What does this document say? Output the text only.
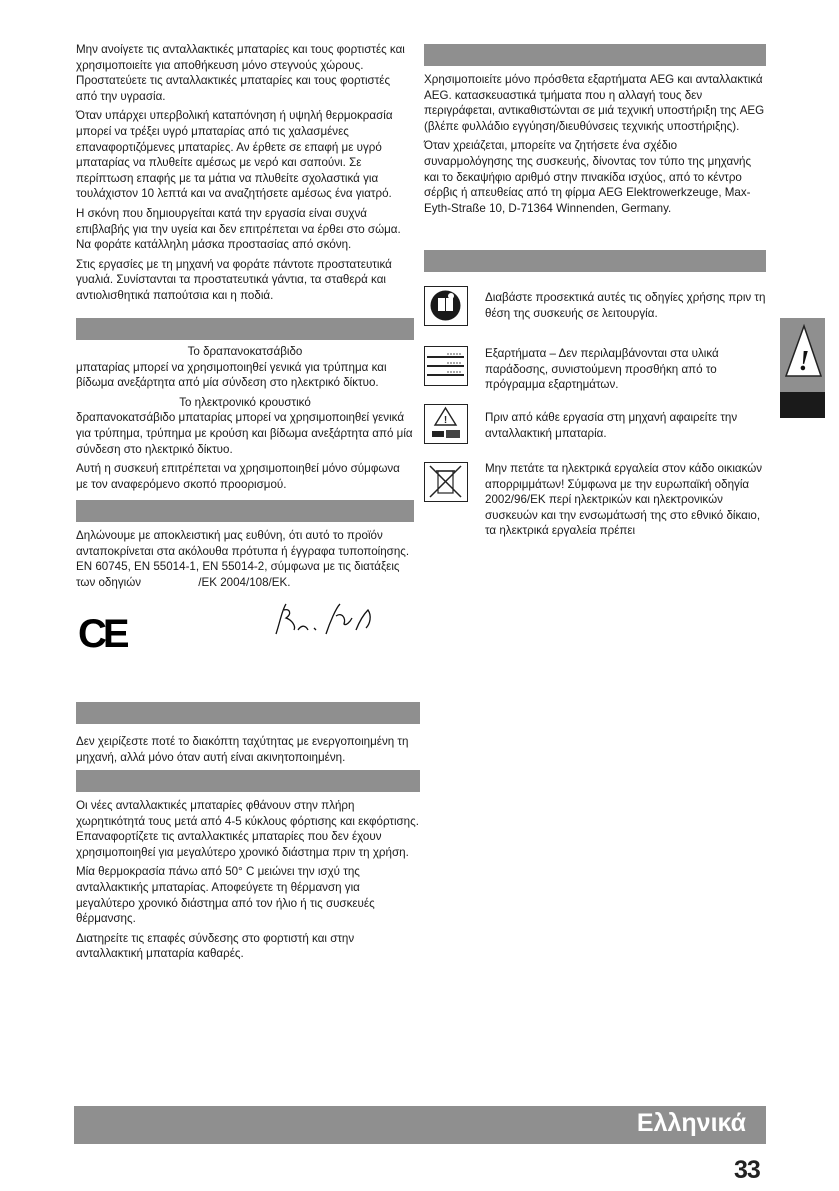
Μην ανοίγετε τις ανταλλακτικές μπαταρίες και τους φορτιστές και χρησιμοποιείτε για αποθήκευση μόνο στεγνούς χώρους. Προστατεύετε τις ανταλλακτικές μπαταρίες και τους φορτιστές από την υγρασία.

Όταν υπάρχει υπερβολική καταπόνηση ή υψηλή θερμοκρασία μπορεί να τρέξει υγρό μπαταρίας από τις χαλασμένες επαναφορτιζόμενες μπαταρίες. Αν έρθετε σε επαφή με υγρό μπαταρίας να πλυθείτε αμέσως με νερό και σαπούνι. Σε περίπτωση επαφής με τα μάτια να πλυθείτε σχολαστικά για τουλάχιστον 10 λεπτά και να αναζητήσετε αμέσως ένα γιατρό.

Η σκόνη που δημιουργείται κατά την εργασία είναι συχνά επιβλαβής για την υγεία και δεν επιτρέπεται να έρθει στο σώμα. Να φοράτε κατάλληλη μάσκα προστασίας από σκόνη.

Στις εργασίες με τη μηχανή να φοράτε πάντοτε προστατευτικά γυαλιά. Συνίστανται τα προστατευτικά γάντια, τα σταθερά και αντιολισθητικά παπούτσια και η ποδιά.

Το δραπανοκατσάβιδο

μπαταρίας μπορεί να χρησιμοποιηθεί γενικά για τρύπημα και βίδωμα ανεξάρτητα από μία σύνδεση στο ηλεκτρικό δίκτυο.

Το ηλεκτρονικό κρουστικό

δραπανοκατσάβιδο μπαταρίας μπορεί να χρησιμοποιηθεί γενικά για τρύπημα, τρύπημα με κρούση και βίδωμα ανεξάρτητα από μία σύνδεση στο ηλεκτρικό δίκτυο.

Αυτή η συσκευή επιτρέπεται να χρησιμοποιηθεί μόνο σύμφωνα με τον αναφερόμενο σκοπό προορισμού.

Δηλώνουμε με αποκλειστική μας ευθύνη, ότι αυτό το προϊόν ανταποκρίνεται στα ακόλουθα πρότυπα ή έγγραφα τυποποίησης. EN 60745, EN 55014-1, EN 55014-2, σύμφωνα με τις διατάξεις των οδηγιών	/EK 2004/108/EK.
CE

Δεν χειρίζεστε ποτέ το διακόπτη ταχύτητας με ενεργοποιημένη τη μηχανή, αλλά μόνο όταν αυτή είναι ακινητοποιημένη.

Οι νέες ανταλλακτικές μπαταρίες φθάνουν στην πλήρη χωρητικότητά τους μετά από 4-5 κύκλους φόρτισης και εκφόρτισης. Επαναφορτίζετε τις ανταλλακτικές μπαταρίες που δεν έχουν χρησιμοποιηθεί για μεγαλύτερο χρονικό διάστημα πριν τη χρήση.

Μία θερμοκρασία πάνω από 50° C μειώνει την ισχύ της ανταλλακτικής μπαταρίας. Αποφεύγετε τη θέρμανση για μεγαλύτερο χρονικό διάστημα από τον ήλιο ή τις συσκευές θέρμανσης.

Διατηρείτε τις επαφές σύνδεσης στο φορτιστή και στην ανταλλακτική μπαταρία καθαρές.

Χρησιμοποιείτε μόνο πρόσθετα εξαρτήματα AEG και ανταλλακτικά AEG. κατασκευαστικά τμήματα που η αλλαγή τους δεν περιγράφεται, αντικαθιστώνται σε μιά τεχνική υποστήριξη της AEG (βλέπε φυλλάδιο εγγύηση/διευθύνσεις τεχνικής υποστήριξης).

Όταν χρειάζεται, μπορείτε να ζητήσετε ένα σχέδιο συναρμολόγησης της συσκευής, δίνοντας τον τύπο της μηχανής και το δεκαψήφιο αριθμό στην πινακίδα ισχύος, από το κέντρο σέρβις ή απευθείας από τη φίρμα AEG Elektrowerkzeuge, Max-Eyth-Straße 10, D-71364 Winnenden, Germany.

Διαβάστε προσεκτικά αυτές τις οδηγίες χρήσης πριν τη θέση της συσκευής σε λειτουργία.
Εξαρτήματα – Δεν περιλαμβάνονται στα υλικά παράδοσης, συνιστούμενη προσθήκη από το πρόγραμμα εξαρτημάτων.
!	Πριν από κάθε εργασία στη μηχανή αφαιρείτε την ανταλλακτική μπαταρία.
Μην πετάτε τα ηλεκτρικά εργαλεία στον κάδο οικιακών απορριμμάτων! Σύμφωνα με την ευρωπαϊκή οδηγία 2002/96/ΕΚ περί ηλεκτρικών και ηλεκτρονικών συσκευών και την ενσωμάτωσή της στο εθνικό δίκαιο, τα ηλεκτρικά εργαλεία πρέπει
!
Ελληνικά
33
